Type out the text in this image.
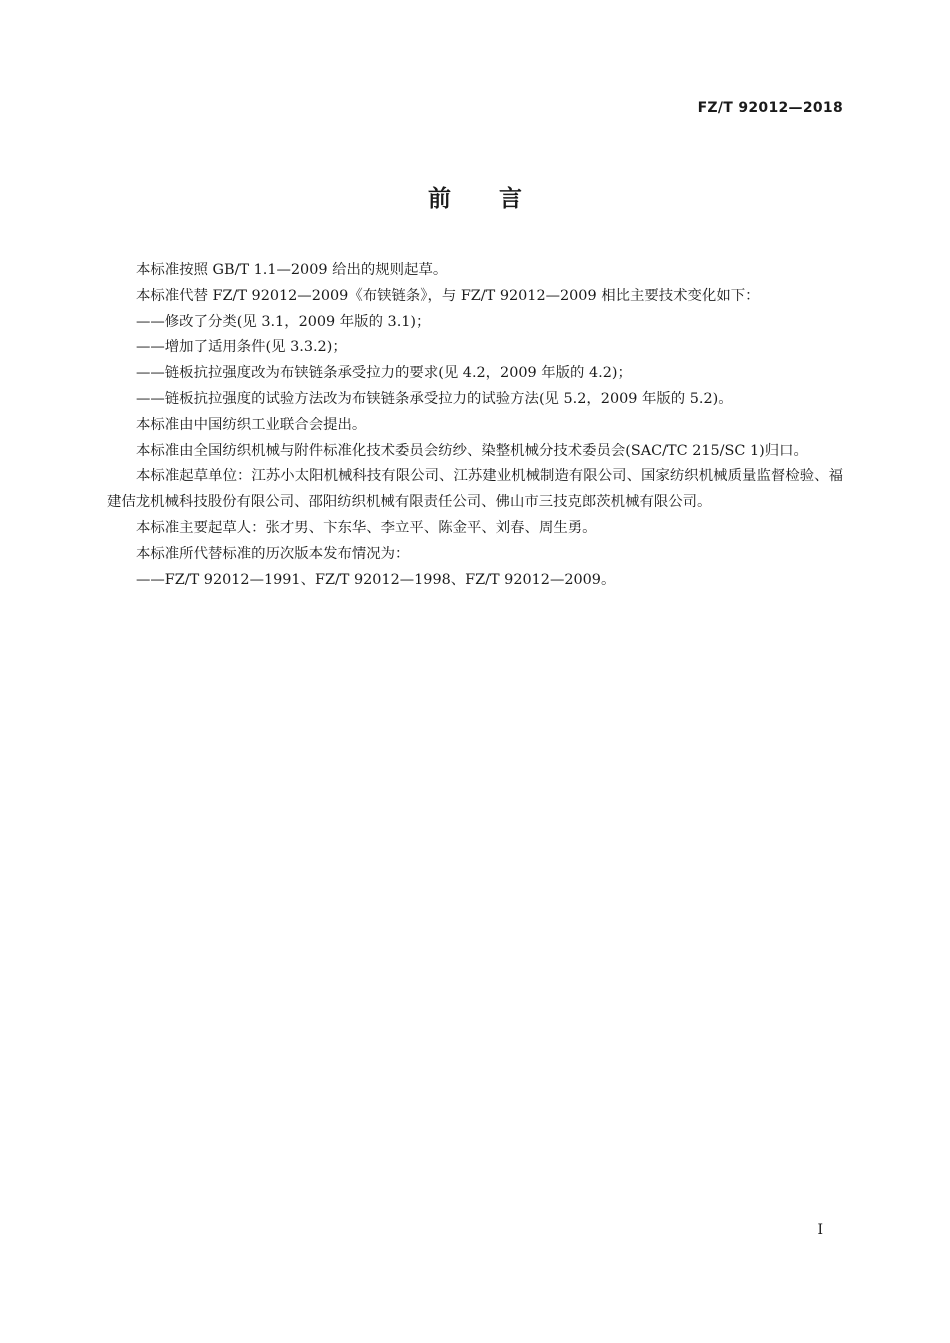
FZ/T 92012—2018
前言

本标准按照 GB/T 1.1—2009 给出的规则起草。

本标准代替 FZ/T 92012—2009《布铗链条》，与 FZ/T 92012—2009 相比主要技术变化如下：

——修改了分类(见 3.1，2009 年版的 3.1)；

——增加了适用条件(见 3.3.2)；

——链板抗拉强度改为布铗链条承受拉力的要求(见 4.2，2009 年版的 4.2)；

——链板抗拉强度的试验方法改为布铗链条承受拉力的试验方法(见 5.2，2009 年版的 5.2)。

本标准由中国纺织工业联合会提出。

本标准由全国纺织机械与附件标准化技术委员会纺纱、染整机械分技术委员会(SAC/TC 215/SC 1)归口。

本标准起草单位：江苏小太阳机械科技有限公司、江苏建业机械制造有限公司、国家纺织机械质量监督检验、福建佶龙机械科技股份有限公司、邵阳纺织机械有限责任公司、佛山市三技克郎茨机械有限公司。

本标准主要起草人：张才男、卞东华、李立平、陈金平、刘春、周生勇。

本标准所代替标准的历次版本发布情况为：

——FZ/T 92012—1991、FZ/T 92012—1998、FZ/T 92012—2009。

I
